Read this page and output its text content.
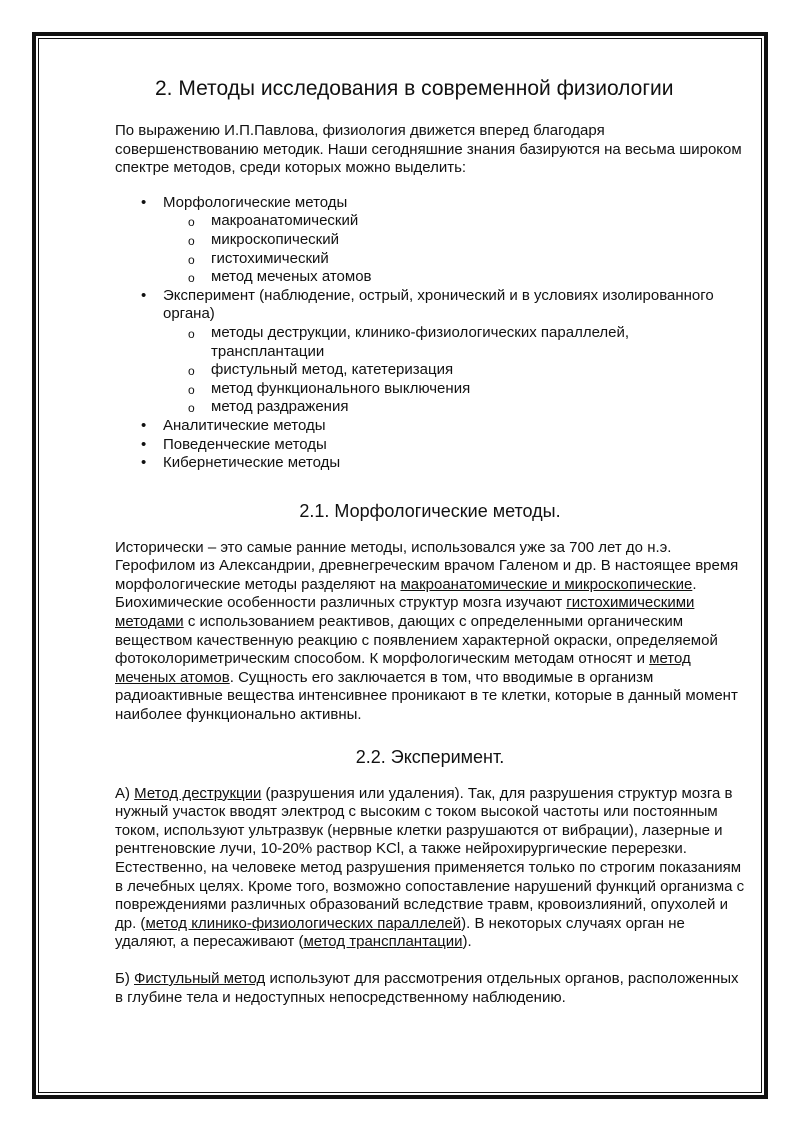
2. Методы исследования в современной физиологии

По выражению И.П.Павлова, физиология движется вперед благодаря совершенствованию методик. Наши сегодняшние знания базируются на весьма широком спектре методов, среди которых можно выделить:

• Морфологические методы
o макроанатомический
o микроскопический
o гистохимический
o метод меченых атомов
• Эксперимент (наблюдение, острый, хронический и в условиях изолированного органа)
o методы деструкции, клинико-физиологических параллелей, трансплантации
o фистульный метод, катетеризация
o метод функционального выключения
o метод раздражения
• Аналитические методы
• Поведенческие методы
• Кибернетические методы
2.1. Морфологические методы.

Исторически – это самые ранние методы, использовался уже за 700 лет до н.э. Герофилом из Александрии, древнегреческим врачом Галеном и др. В настоящее время морфологические методы разделяют на макроанатомические и микроскопические. Биохимические особенности различных структур мозга изучают гистохимическими методами с использованием реактивов, дающих с определенными органическим веществом качественную реакцию с появлением характерной окраски, определяемой фотоколориметрическим способом. К морфологическим методам относят и метод меченых атомов. Сущность его заключается в том, что вводимые в организм радиоактивные вещества интенсивнее проникают в те клетки, которые в данный момент наиболее функционально активны.

2.2. Эксперимент.

А) Метод деструкции (разрушения или удаления). Так, для разрушения структур мозга в нужный участок вводят электрод с высоким с током высокой частоты или постоянным током, используют ультразвук (нервные клетки разрушаются от вибрации), лазерные и рентгеновские лучи, 10-20% раствор KCl, а также нейрохирургические перерезки. Естественно, на человеке метод разрушения применяется только по строгим показаниям в лечебных целях. Кроме того, возможно сопоставление нарушений функций организма с повреждениями различных образований вследствие травм, кровоизлияний, опухолей и др. (метод клинико-физиологических параллелей). В некоторых случаях орган не удаляют, а пересаживают (метод трансплантации).

Б) Фистульный метод используют для рассмотрения отдельных органов, расположенных в глубине тела и недоступных непосредственному наблюдению.
